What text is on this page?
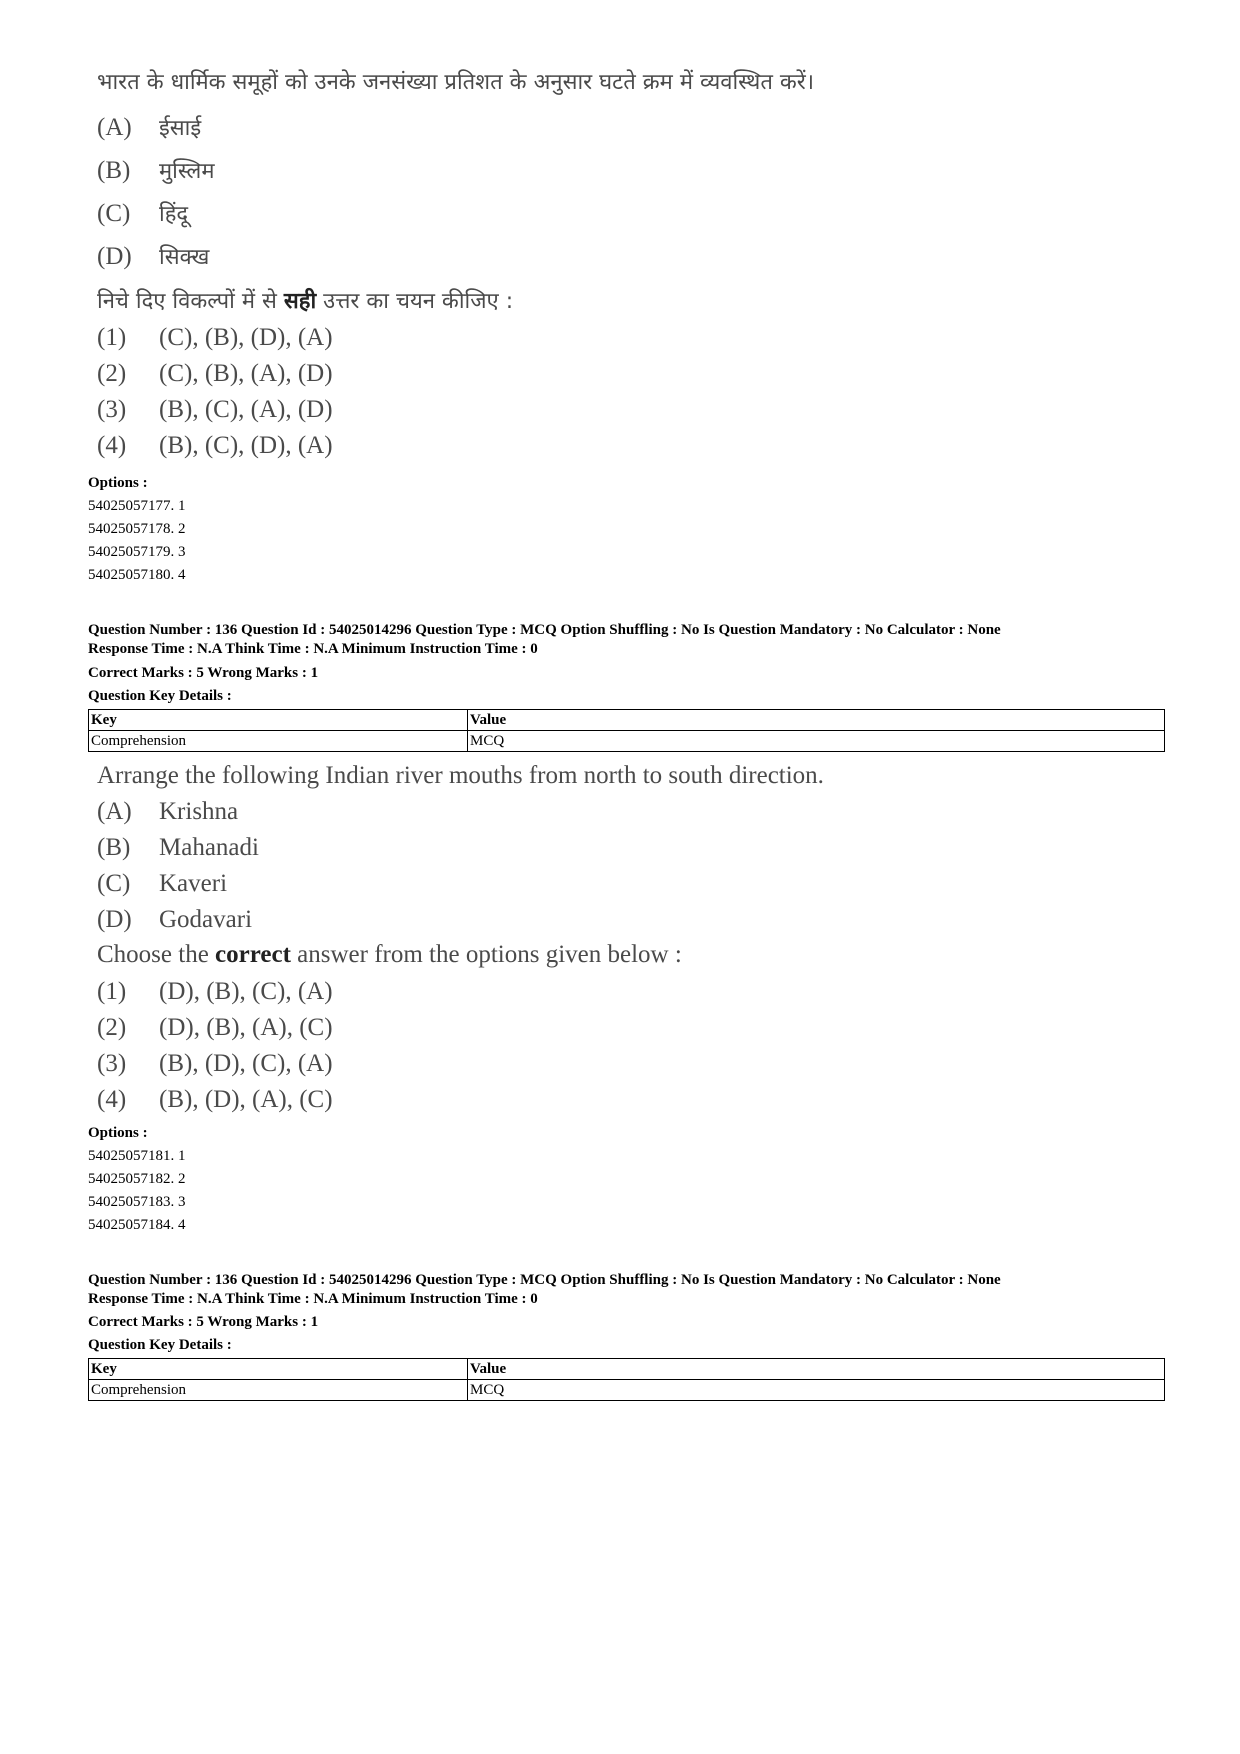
भारत के धार्मिक समूहों को उनके जनसंख्या प्रतिशत के अनुसार घटते क्रम में व्यवस्थित करें।
(A) ईसाई
(B) मुस्लिम
(C) हिंदू
(D) सिक्ख
निचे दिए विकल्पों में से सही उत्तर का चयन कीजिए :
(1) (C), (B), (D), (A)
(2) (C), (B), (A), (D)
(3) (B), (C), (A), (D)
(4) (B), (C), (D), (A)
Options :
54025057177. 1
54025057178. 2
54025057179. 3
54025057180. 4
Question Number : 136 Question Id : 54025014296 Question Type : MCQ Option Shuffling : No Is Question Mandatory : No Calculator : None
Response Time : N.A Think Time : N.A Minimum Instruction Time : 0
Correct Marks : 5 Wrong Marks : 1
Question Key Details :
Key	Value
Comprehension	MCQ
Arrange the following Indian river mouths from north to south direction.
(A) Krishna
(B) Mahanadi
(C) Kaveri
(D) Godavari
Choose the correct answer from the options given below :
(1) (D), (B), (C), (A)
(2) (D), (B), (A), (C)
(3) (B), (D), (C), (A)
(4) (B), (D), (A), (C)
Options :
54025057181. 1
54025057182. 2
54025057183. 3
54025057184. 4
Question Number : 136 Question Id : 54025014296 Question Type : MCQ Option Shuffling : No Is Question Mandatory : No Calculator : None
Response Time : N.A Think Time : N.A Minimum Instruction Time : 0
Correct Marks : 5 Wrong Marks : 1
Question Key Details :
Key	Value
Comprehension	MCQ
